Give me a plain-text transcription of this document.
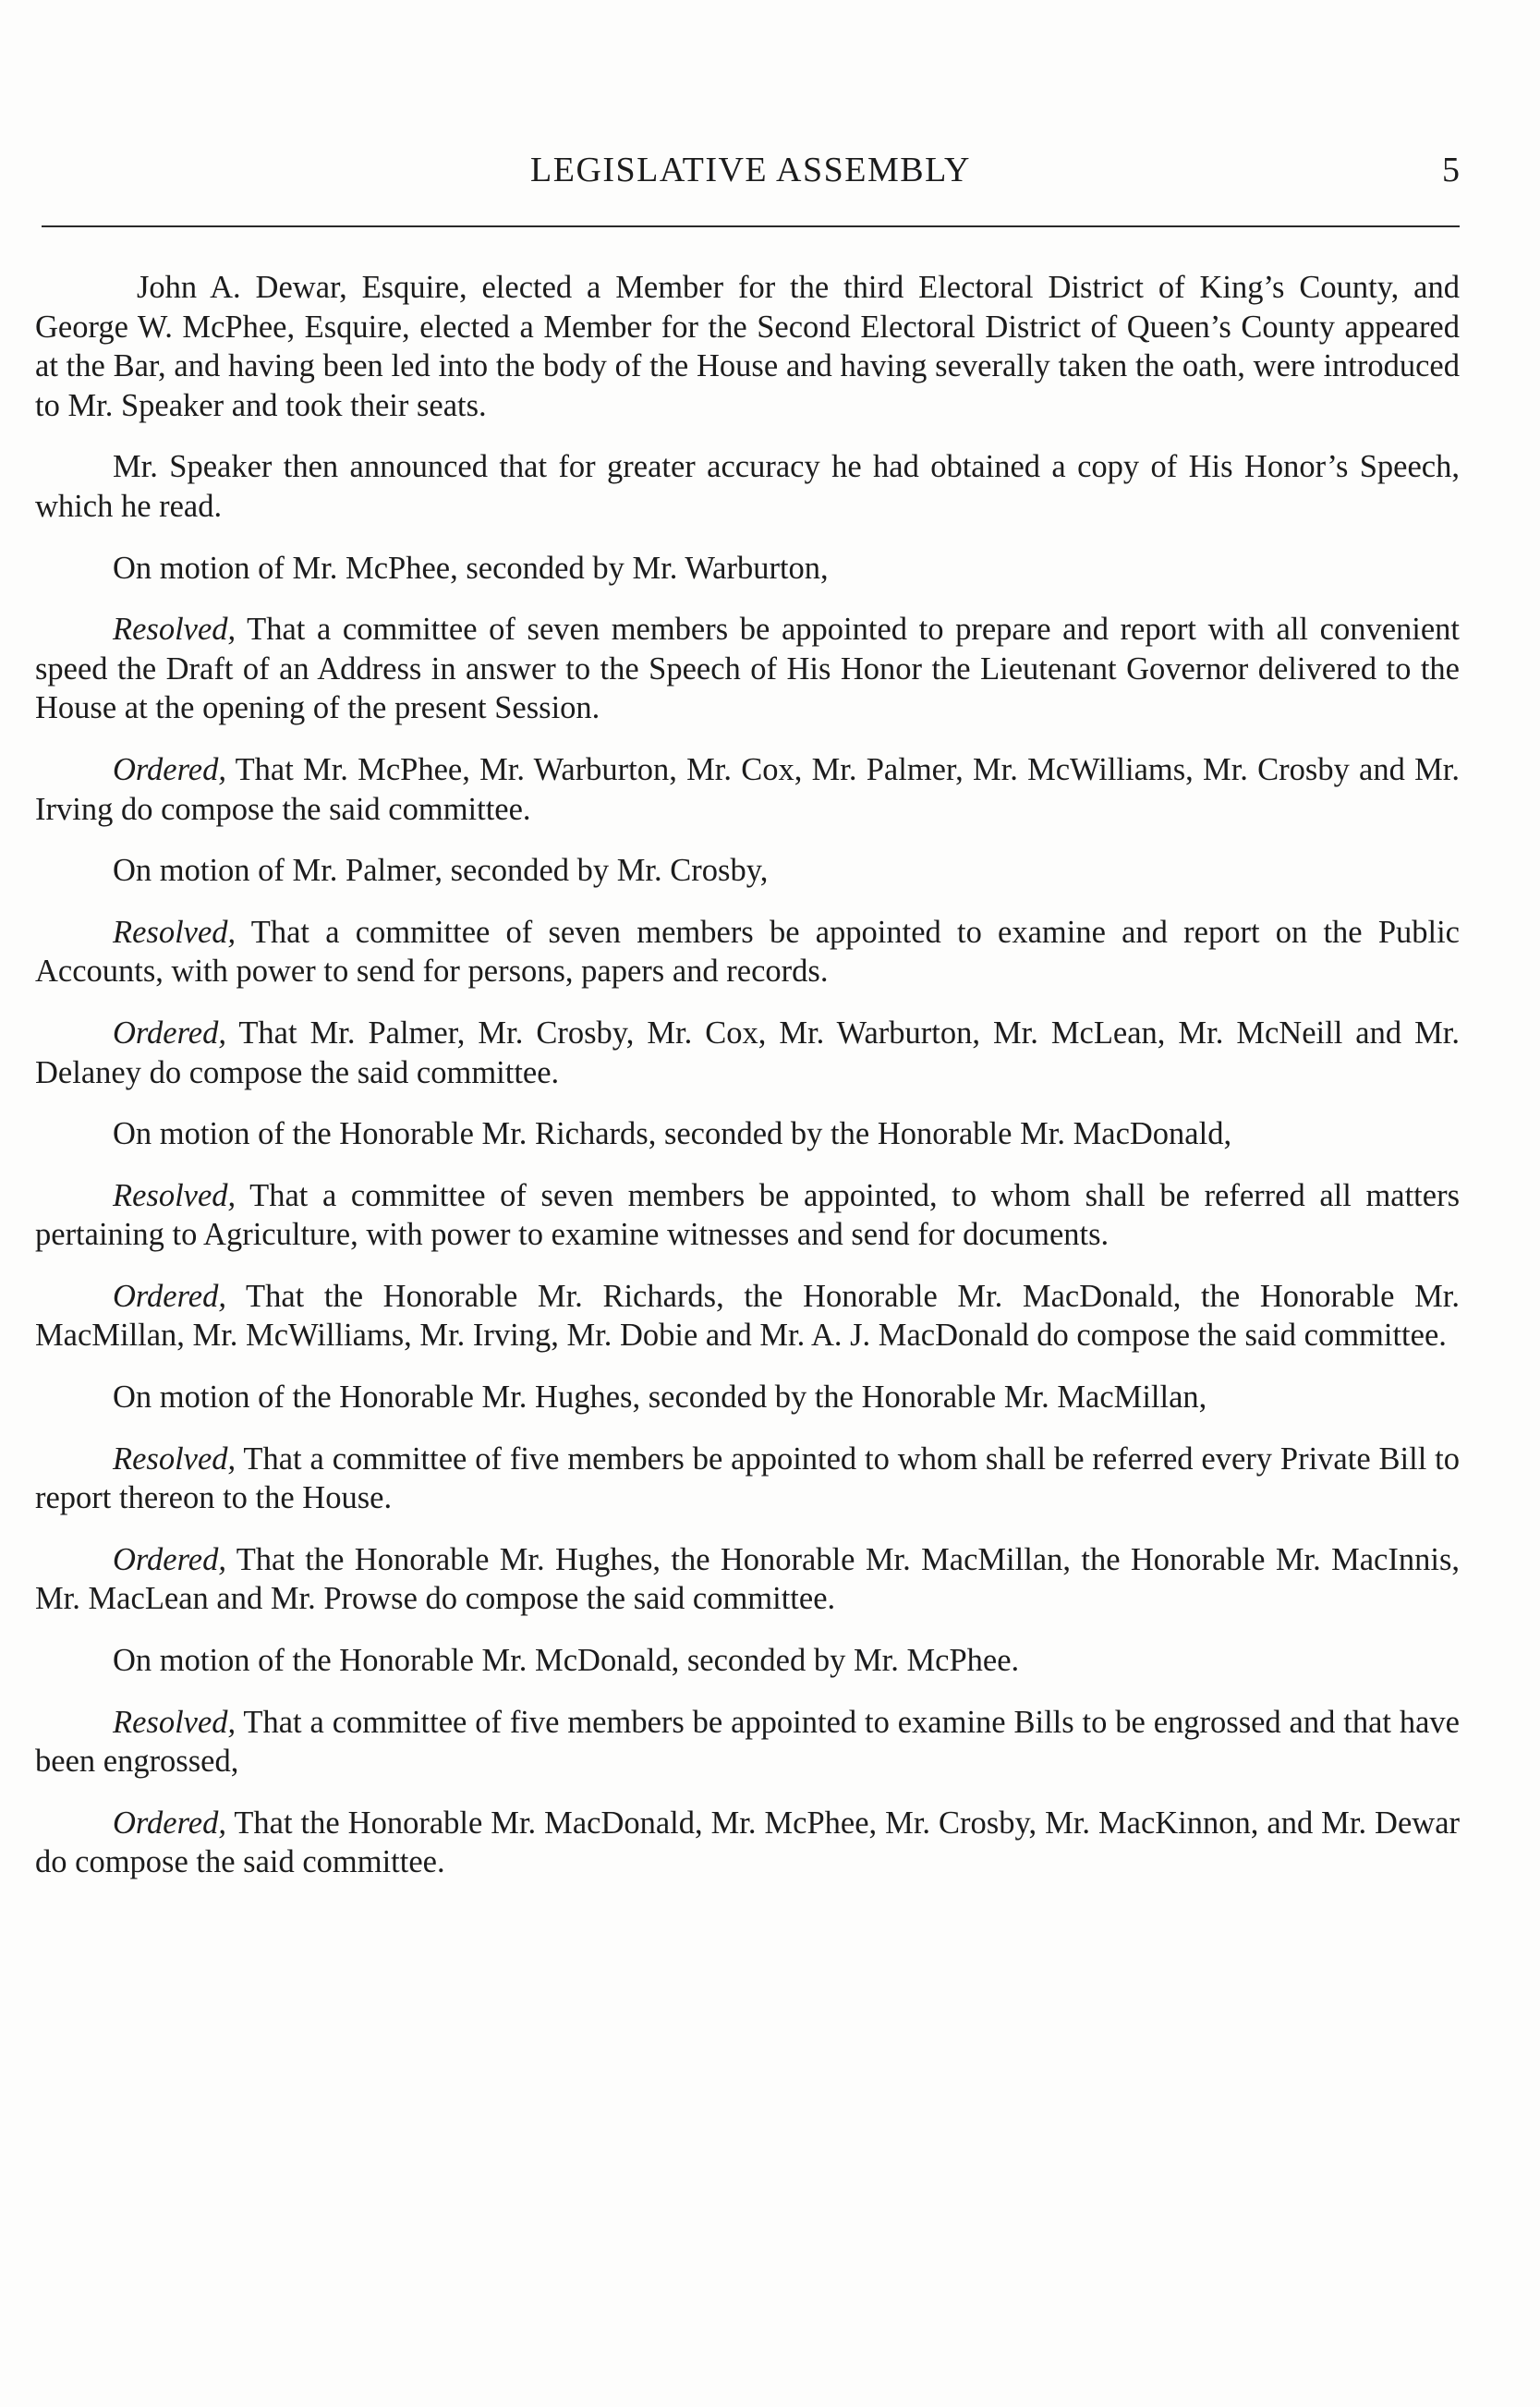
LEGISLATIVE ASSEMBLY	5

John A. Dewar, Esquire, elected a Member for the third Electoral District of King’s County, and George W. McPhee, Esquire, elected a Member for the Second Electoral District of Queen’s County appeared at the Bar, and having been led into the body of the House and having severally taken the oath, were introduced to Mr. Speaker and took their seats.

Mr. Speaker then announced that for greater accuracy he had obtained a copy of His Honor’s Speech, which he read.

On motion of Mr. McPhee, seconded by Mr. Warburton,

Resolved, That a committee of seven members be appointed to prepare and report with all convenient speed the Draft of an Address in answer to the Speech of His Honor the Lieutenant Governor delivered to the House at the opening of the present Session.

Ordered, That Mr. McPhee, Mr. Warburton, Mr. Cox, Mr. Palmer, Mr. McWilliams, Mr. Crosby and Mr. Irving do compose the said committee.

On motion of Mr. Palmer, seconded by Mr. Crosby,

Resolved, That a committee of seven members be appointed to examine and report on the Public Accounts, with power to send for persons, papers and records.

Ordered, That Mr. Palmer, Mr. Crosby, Mr. Cox, Mr. Warburton, Mr. McLean, Mr. McNeill and Mr. Delaney do compose the said committee.

On motion of the Honorable Mr. Richards, seconded by the Honorable Mr. MacDonald,

Resolved, That a committee of seven members be appointed, to whom shall be referred all matters pertaining to Agriculture, with power to examine witnesses and send for documents.

Ordered, That the Honorable Mr. Richards, the Honorable Mr. MacDonald, the Honorable Mr. MacMillan, Mr. McWilliams, Mr. Irving, Mr. Dobie and Mr. A. J. MacDonald do compose the said committee.

On motion of the Honorable Mr. Hughes, seconded by the Honorable Mr. MacMillan,

Resolved, That a committee of five members be appointed to whom shall be referred every Private Bill to report thereon to the House.

Ordered, That the Honorable Mr. Hughes, the Honorable Mr. MacMillan, the Honorable Mr. MacInnis, Mr. MacLean and Mr. Prowse do compose the said committee.

On motion of the Honorable Mr. McDonald, seconded by Mr. McPhee.

Resolved, That a committee of five members be appointed to examine Bills to be engrossed and that have been engrossed,

Ordered, That the Honorable Mr. MacDonald, Mr. McPhee, Mr. Crosby, Mr. MacKinnon, and Mr. Dewar do compose the said committee.
